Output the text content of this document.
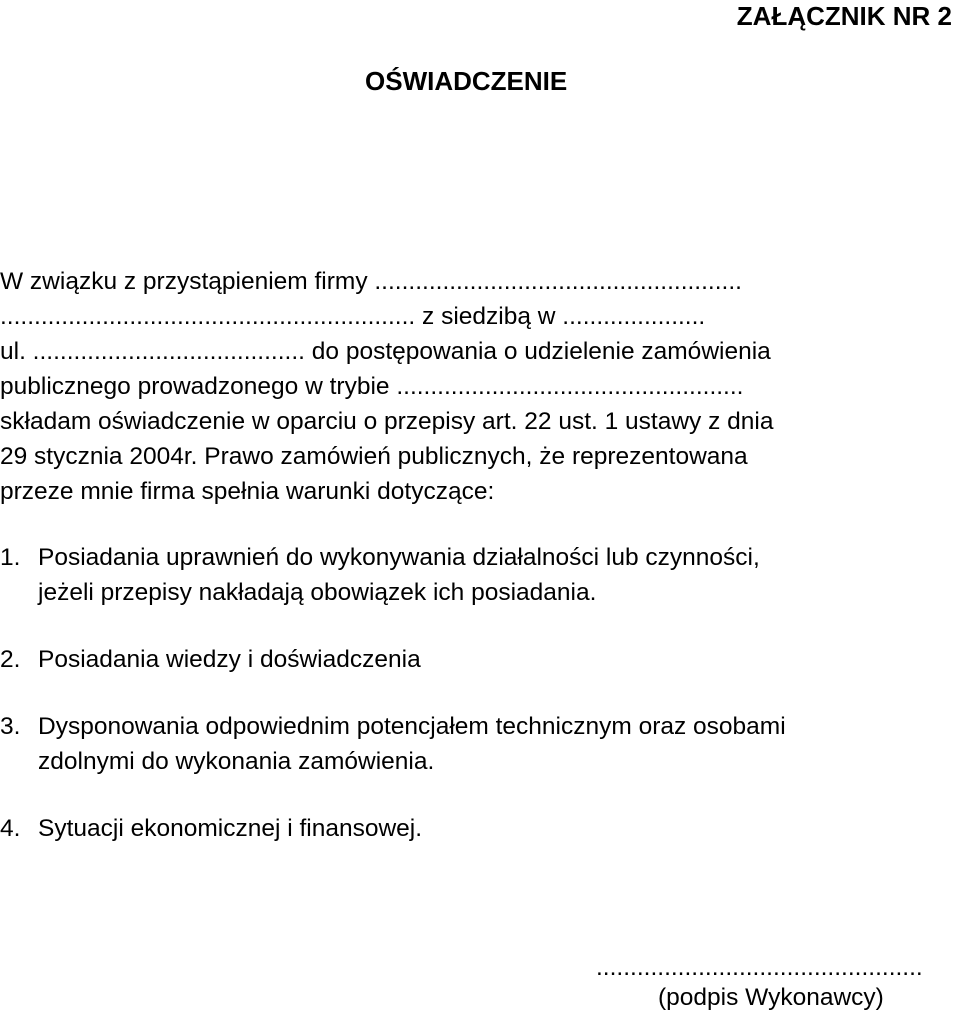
ZAŁĄCZNIK NR 2
OŚWIADCZENIE
W związku z przystąpieniem firmy ......................................................
............................................................. z siedzibą w .....................
ul. ........................................ do postępowania o udzielenie zamówienia
publicznego prowadzonego w trybie ...................................................
składam oświadczenie w oparciu o przepisy art. 22 ust. 1 ustawy z dnia
29 stycznia 2004r. Prawo zamówień publicznych, że reprezentowana
przeze mnie firma spełnia warunki dotyczące:
1. Posiadania uprawnień do wykonywania działalności lub czynności,
jeżeli przepisy nakładają obowiązek ich posiadania.
2. Posiadania wiedzy i doświadczenia
3. Dysponowania odpowiednim potencjałem technicznym oraz osobami
zdolnymi do wykonania zamówienia.
4. Sytuacji ekonomicznej i finansowej.
................................................
(podpis Wykonawcy)
